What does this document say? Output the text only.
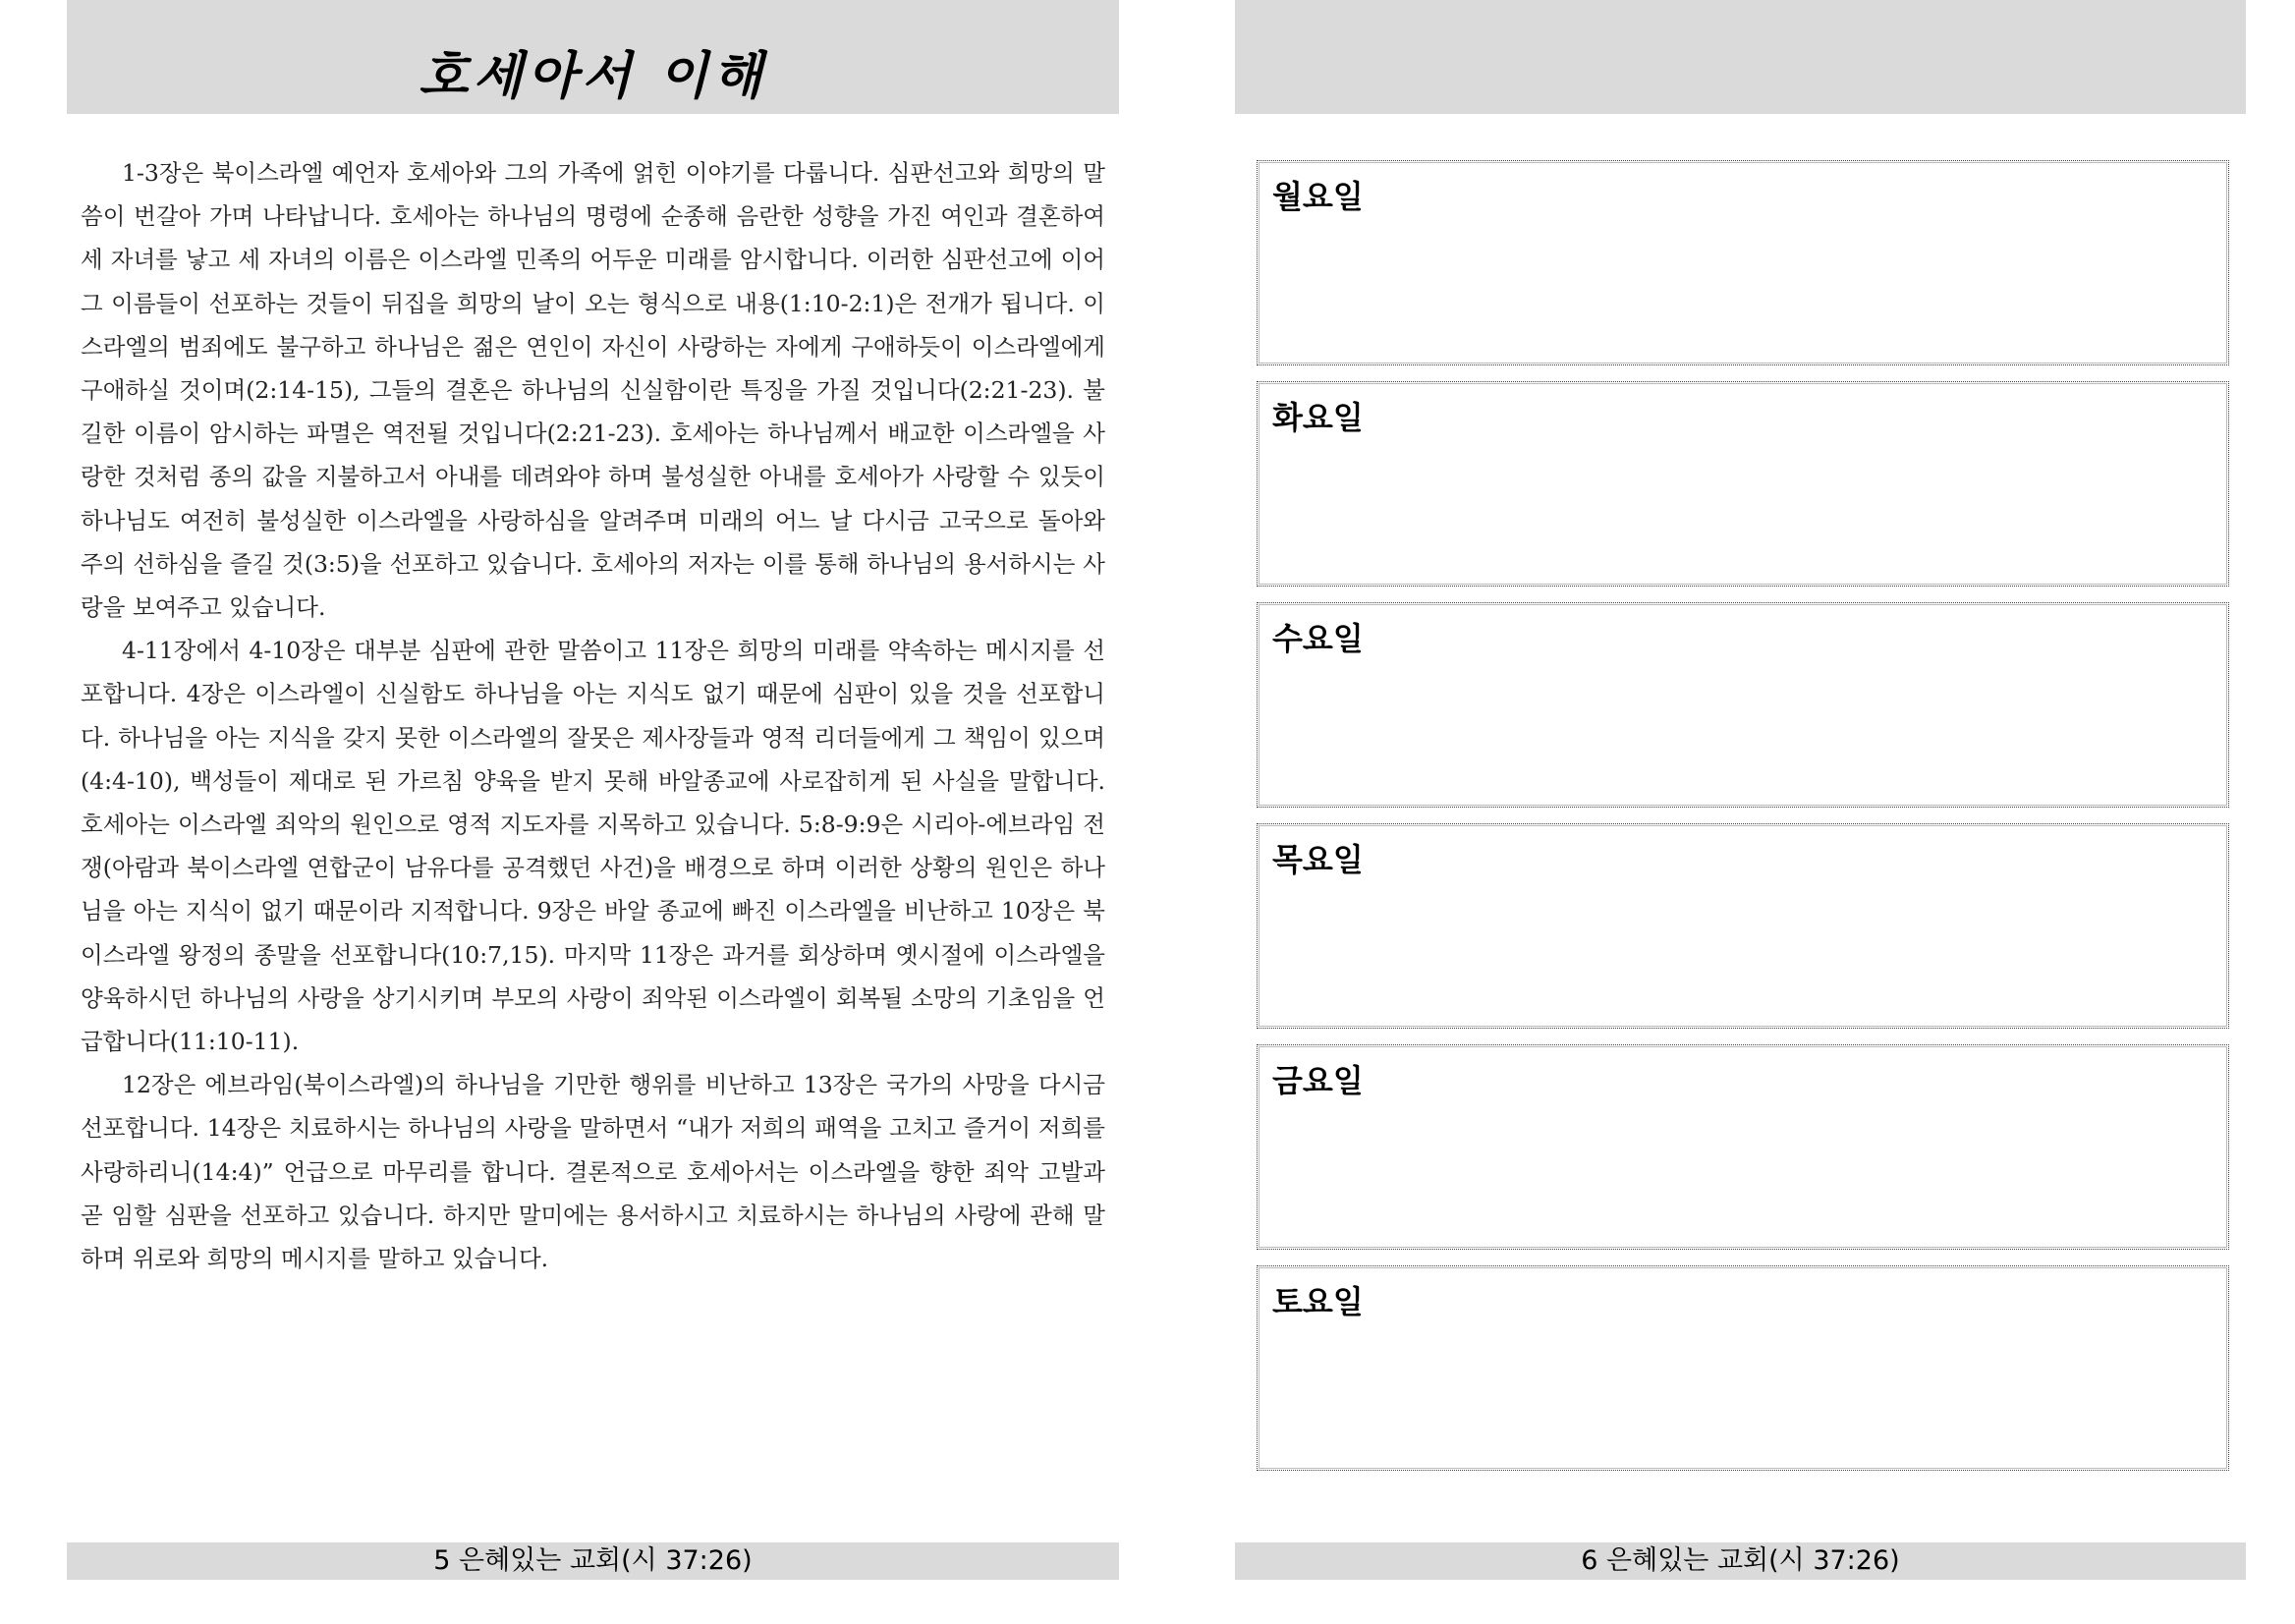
호세아서 이해

1-3장은 북이스라엘 예언자 호세아와 그의 가족에 얽힌 이야기를 다룹니다. 심판선고와 희망의 말씀이 번갈아 가며 나타납니다. 호세아는 하나님의 명령에 순종해 음란한 성향을 가진 여인과 결혼하여 세 자녀를 낳고 세 자녀의 이름은 이스라엘 민족의 어두운 미래를 암시합니다. 이러한 심판선고에 이어 그 이름들이 선포하는 것들이 뒤집을 희망의 날이 오는 형식으로 내용(1:10-2:1)은 전개가 됩니다. 이스라엘의 범죄에도 불구하고 하나님은 젊은 연인이 자신이 사랑하는 자에게 구애하듯이 이스라엘에게 구애하실 것이며(2:14-15), 그들의 결혼은 하나님의 신실함이란 특징을 가질 것입니다(2:21-23). 불길한 이름이 암시하는 파멸은 역전될 것입니다(2:21-23). 호세아는 하나님께서 배교한 이스라엘을 사랑한 것처럼 종의 값을 지불하고서 아내를 데려와야 하며 불성실한 아내를 호세아가 사랑할 수 있듯이 하나님도 여전히 불성실한 이스라엘을 사랑하심을 알려주며 미래의 어느 날 다시금 고국으로 돌아와 주의 선하심을 즐길 것(3:5)을 선포하고 있습니다. 호세아의 저자는 이를 통해 하나님의 용서하시는 사랑을 보여주고 있습니다.

4-11장에서 4-10장은 대부분 심판에 관한 말씀이고 11장은 희망의 미래를 약속하는 메시지를 선포합니다. 4장은 이스라엘이 신실함도 하나님을 아는 지식도 없기 때문에 심판이 있을 것을 선포합니다. 하나님을 아는 지식을 갖지 못한 이스라엘의 잘못은 제사장들과 영적 리더들에게 그 책임이 있으며(4:4-10), 백성들이 제대로 된 가르침 양육을 받지 못해 바알종교에 사로잡히게 된 사실을 말합니다. 호세아는 이스라엘 죄악의 원인으로 영적 지도자를 지목하고 있습니다. 5:8-9:9은 시리아-에브라임 전쟁(아람과 북이스라엘 연합군이 남유다를 공격했던 사건)을 배경으로 하며 이러한 상황의 원인은 하나님을 아는 지식이 없기 때문이라 지적합니다. 9장은 바알 종교에 빠진 이스라엘을 비난하고 10장은 북이스라엘 왕정의 종말을 선포합니다(10:7,15). 마지막 11장은 과거를 회상하며 옛시절에 이스라엘을 양육하시던 하나님의 사랑을 상기시키며 부모의 사랑이 죄악된 이스라엘이 회복될 소망의 기초임을 언급합니다(11:10-11).

12장은 에브라임(북이스라엘)의 하나님을 기만한 행위를 비난하고 13장은 국가의 사망을 다시금 선포합니다. 14장은 치료하시는 하나님의 사랑을 말하면서 “내가 저희의 패역을 고치고 즐거이 저희를 사랑하리니(14:4)” 언급으로 마무리를 합니다. 결론적으로 호세아서는 이스라엘을 향한 죄악 고발과 곧 임할 심판을 선포하고 있습니다. 하지만 말미에는 용서하시고 치료하시는 하나님의 사랑에 관해 말하며 위로와 희망의 메시지를 말하고 있습니다.

5 은혜있는 교회(시 37:26)
월요일
화요일
수요일
목요일
금요일
토요일
6 은혜있는 교회(시 37:26)
